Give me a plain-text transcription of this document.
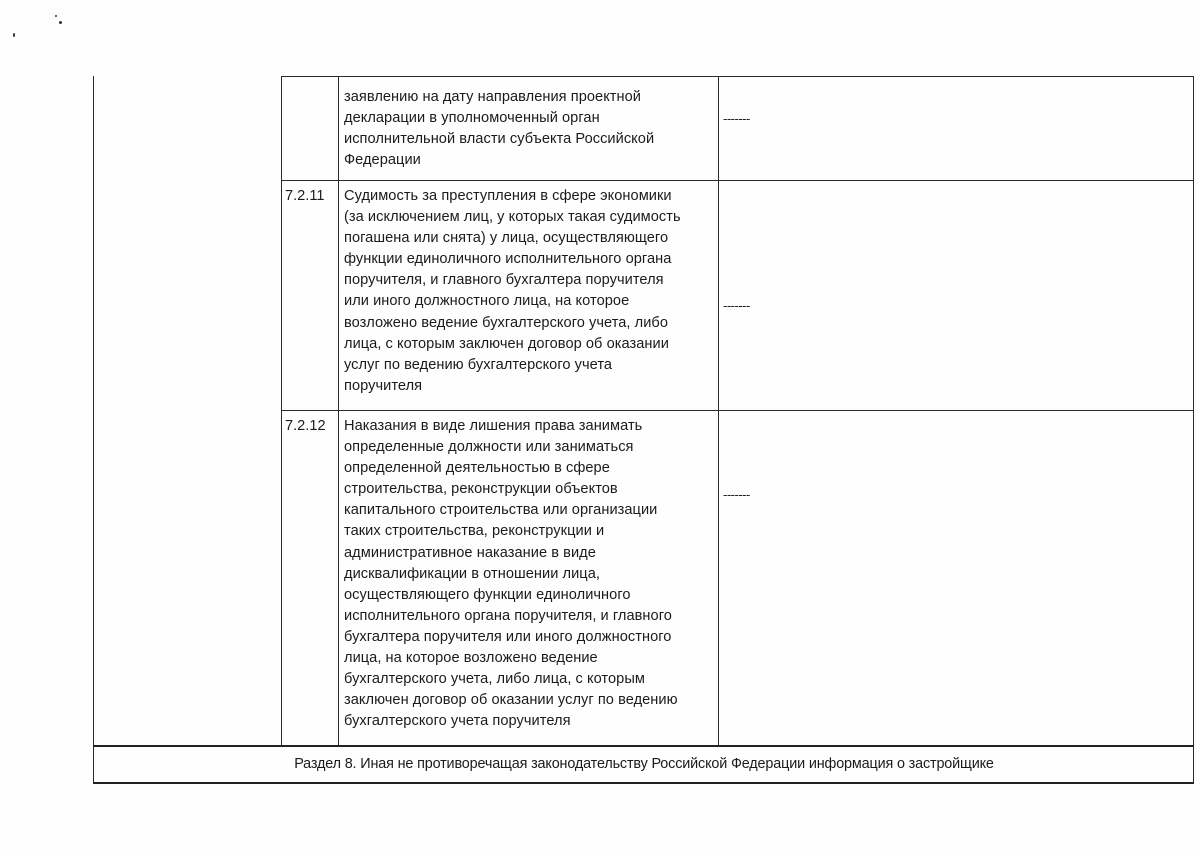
заявлению на дату направления проектной
декларации в уполномоченный орган
исполнительной власти субъекта Российской
Федерации
-------
7.2.11 Судимость за преступления в сфере экономики
(за исключением лиц, у которых такая судимость
погашена или снята) у лица, осуществляющего
функции единоличного исполнительного органа
поручителя, и главного бухгалтера поручителя
или иного должностного лица, на которое
возложено ведение бухгалтерского учета, либо
лица, с которым заключен договор об оказании
услуг по ведению бухгалтерского учета
поручителя
-------
7.2.12 Наказания в виде лишения права занимать
определенные должности или заниматься
определенной деятельностью в сфере
строительства, реконструкции объектов
капитального строительства или организации
таких строительства, реконструкции и
административное наказание в виде
дисквалификации в отношении лица,
осуществляющего функции единоличного
исполнительного органа поручителя, и главного
бухгалтера поручителя или иного должностного
лица, на которое возложено ведение
бухгалтерского учета, либо лица, с которым
заключен договор об оказании услуг по ведению
бухгалтерского учета поручителя
-------
Раздел 8. Иная не противоречащая законодательству Российской Федерации информация о застройщике
